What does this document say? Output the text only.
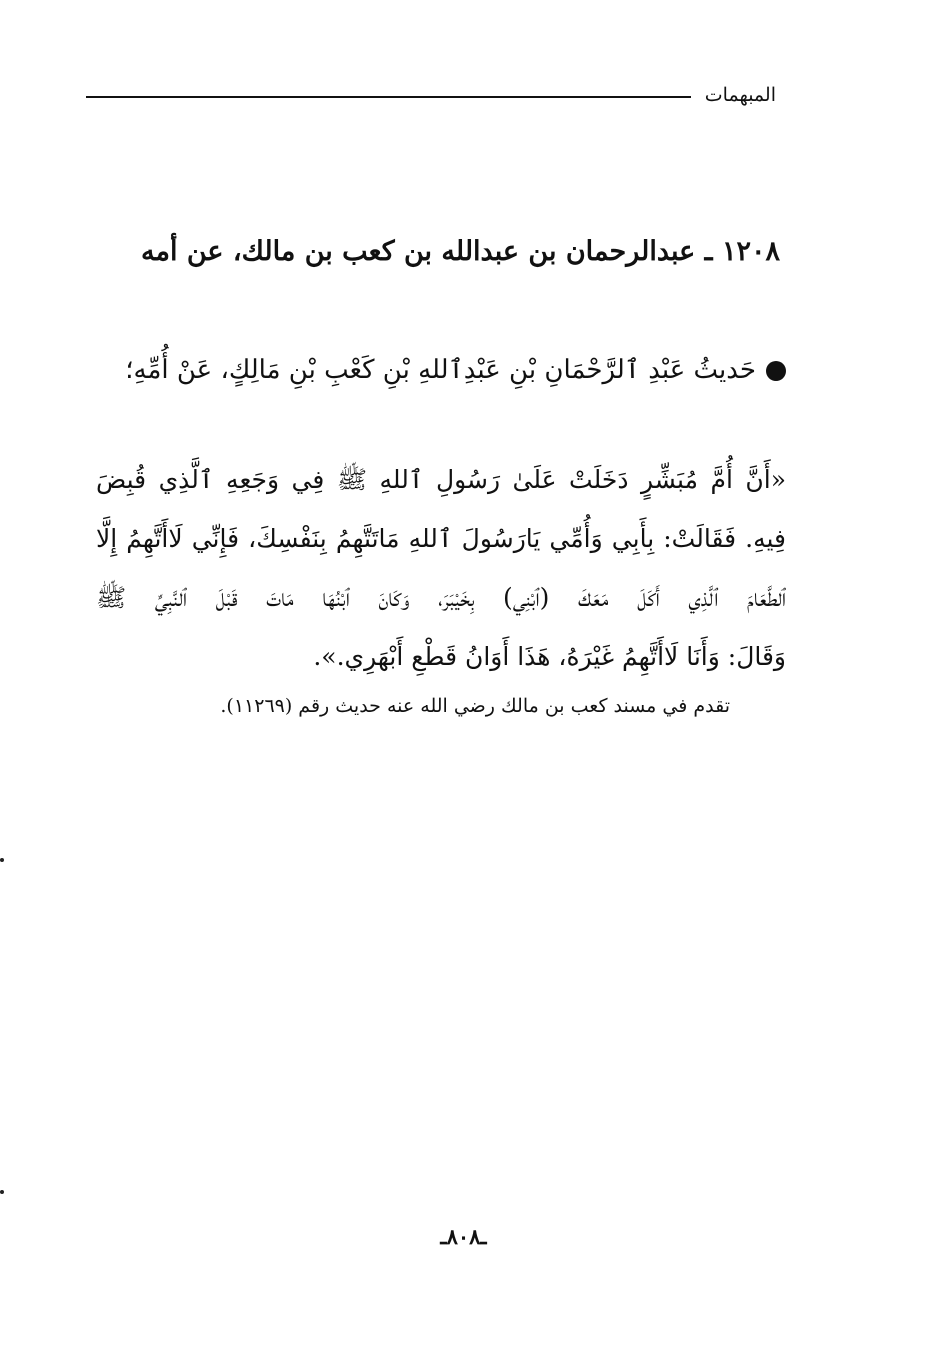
المبهمات
١٢٠٨ ـ عبدالرحمان بن عبدالله بن كعب بن مالك، عن أمه
حَديثُ عَبْدِ ٱلرَّحْمَانِ بْنِ عَبْدِٱللهِ بْنِ كَعْبِ بْنِ مَالِكٍ، عَنْ أُمِّهِ؛
«أَنَّ أُمَّ مُبَشِّرٍ دَخَلَتْ عَلَىٰ رَسُولِ ٱللهِ ﷺ فِي وَجَعِهِ ٱلَّذِي قُبِضَ
فِيهِ. فَقَالَتْ: بِأَبِي وَأُمِّي يَارَسُولَ ٱللهِ مَاتَتَّهِمُ بِنَفْسِكَ، فَإِنِّي لَاأَتَّهِمُ إِلَّا
ٱلطَّعَامَ ٱلَّذِي أَكَلَ مَعَكَ (ٱبْنِي) بِخَيْبَرَ، وَكَانَ ٱبْنُهَا مَاتَ قَبْلَ ٱلنَّبِيِّ ﷺ
وَقَالَ: وَأَنَا لَاأَتَّهِمُ غَيْرَهُ، هَذَا أَوَانُ قَطْعِ أَبْهَرِي.».
تقدم في مسند كعب بن مالك رضي الله عنه حديث رقم (١١٢٦٩).
ـ٨٠٨ـ
